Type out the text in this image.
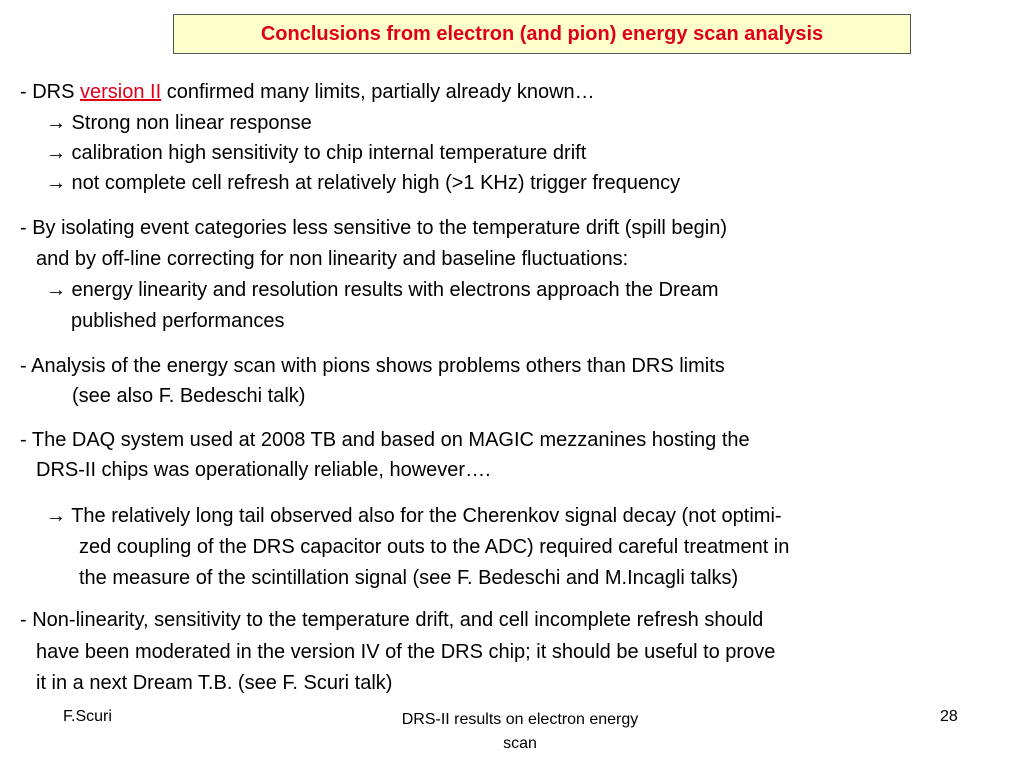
Conclusions from electron (and pion) energy scan analysis
- DRS version II confirmed many limits, partially already known…
→ Strong non linear response
→ calibration high sensitivity to chip internal temperature drift
→ not complete cell refresh at relatively high (>1 KHz) trigger frequency
- By isolating event categories less sensitive to the temperature drift (spill begin)
and by off-line correcting for non linearity and baseline fluctuations:
→ energy linearity and resolution results with electrons approach the Dream
published performances
- Analysis of the energy scan with pions shows problems others than DRS limits
(see also F. Bedeschi talk)
- The DAQ system used at 2008 TB and based on MAGIC mezzanines hosting the
DRS-II chips was operationally reliable, however….
→ The relatively long tail observed also for the Cherenkov signal decay (not optimi-
zed coupling of the DRS capacitor outs to the ADC) required careful treatment in
the measure of the scintillation signal (see F. Bedeschi and M.Incagli talks)
- Non-linearity, sensitivity to the temperature drift, and cell incomplete refresh should
have been moderated in the version IV of the DRS chip; it should be useful to prove
it in a next Dream T.B. (see F. Scuri talk)
F.Scuri	DRS-II results on electron energy
scan
28
